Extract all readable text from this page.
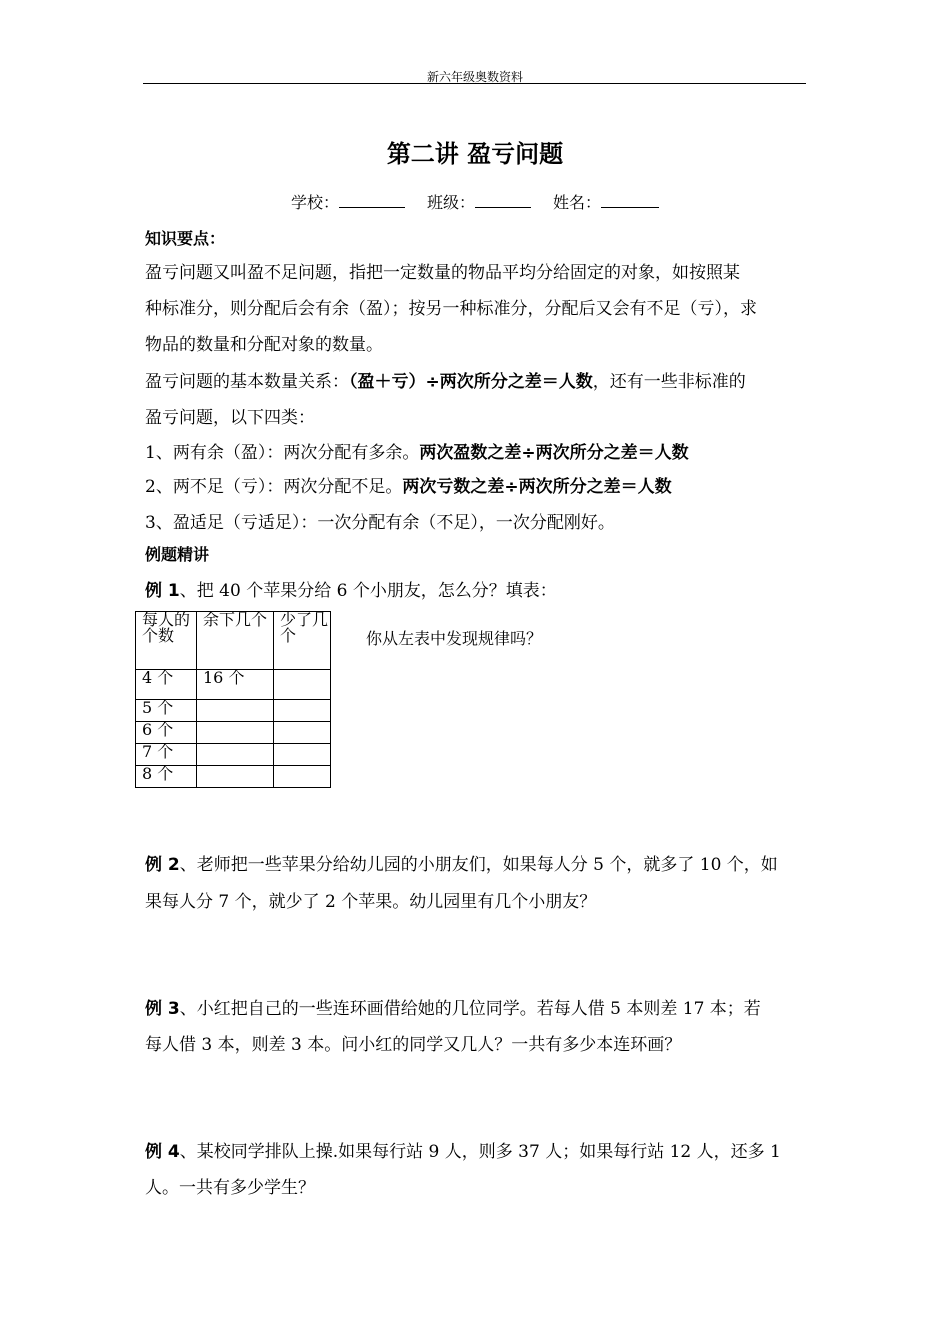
新六年级奥数资料
第二讲 盈亏问题
学校：	班级：	姓名：
知识要点：
盈亏问题又叫盈不足问题，指把一定数量的物品平均分给固定的对象，如按照某
种标准分，则分配后会有余（盈）；按另一种标准分，分配后又会有不足（亏），求
物品的数量和分配对象的数量。
盈亏问题的基本数量关系：（盈＋亏）÷两次所分之差＝人数，还有一些非标准的
盈亏问题，以下四类：
1、两有余（盈）：两次分配有多余。两次盈数之差÷两次所分之差＝人数
2、两不足（亏）：两次分配不足。两次亏数之差÷两次所分之差＝人数
3、盈适足（亏适足）：一次分配有余（不足），一次分配刚好。
例题精讲
例 1、把 40 个苹果分给 6 个小朋友，怎么分？填表：
每人的个数	余下几个	少了几个
4 个	16 个	
5 个		
6 个		
7 个		
8 个		
你从左表中发现规律吗？
例 2、老师把一些苹果分给幼儿园的小朋友们，如果每人分 5 个，就多了 10 个，如
果每人分 7 个，就少了 2 个苹果。幼儿园里有几个小朋友？
例 3、小红把自己的一些连环画借给她的几位同学。若每人借 5 本则差 17 本；若
每人借 3 本，则差 3 本。问小红的同学又几人？一共有多少本连环画？
例 4、某校同学排队上操.如果每行站 9 人，则多 37 人；如果每行站 12 人，还多 1
人。一共有多少学生？
